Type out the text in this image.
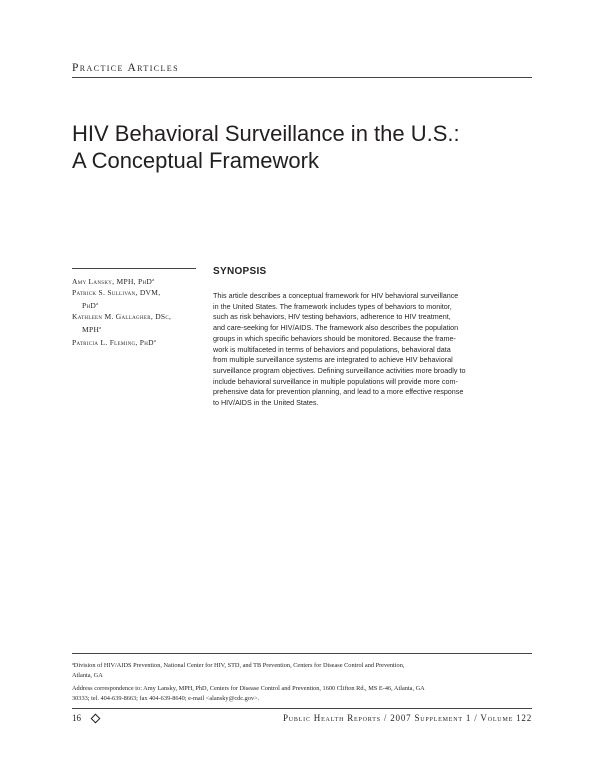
Practice Articles
HIV Behavioral Surveillance in the U.S.:
A Conceptual Framework
Amy Lansky, MPH, PhD$^a$
Patrick S. Sullivan, DVM,
PhD$^a$
Kathleen M. Gallagher, DSc,
MPH$^a$
Patricia L. Fleming, PhD$^a$
SYNOPSIS
This article describes a conceptual framework for HIV behavioral surveillance
in the United States. The framework includes types of behaviors to monitor,
such as risk behaviors, HIV testing behaviors, adherence to HIV treatment,
and care-seeking for HIV/AIDS. The framework also describes the population
groups in which specific behaviors should be monitored. Because the frame-
work is multifaceted in terms of behaviors and populations, behavioral data
from multiple surveillance systems are integrated to achieve HIV behavioral
surveillance program objectives. Defining surveillance activities more broadly to
include behavioral surveillance in multiple populations will provide more com-
prehensive data for prevention planning, and lead to a more effective response
to HIV/AIDS in the United States.
$^a$Division of HIV/AIDS Prevention, National Center for HIV, STD, and TB Prevention, Centers for Disease Control and Prevention,
Atlanta, GA
Address correspondence to: Amy Lansky, MPH, PhD, Centers for Disease Control and Prevention, 1600 Clifton Rd., MS E-46, Atlanta, GA
30333; tel. 404-639-8663; fax 404-639-8640; e-mail <alansky@cdc.gov>.
16	Public Health Reports / 2007 Supplement 1 / Volume 122
